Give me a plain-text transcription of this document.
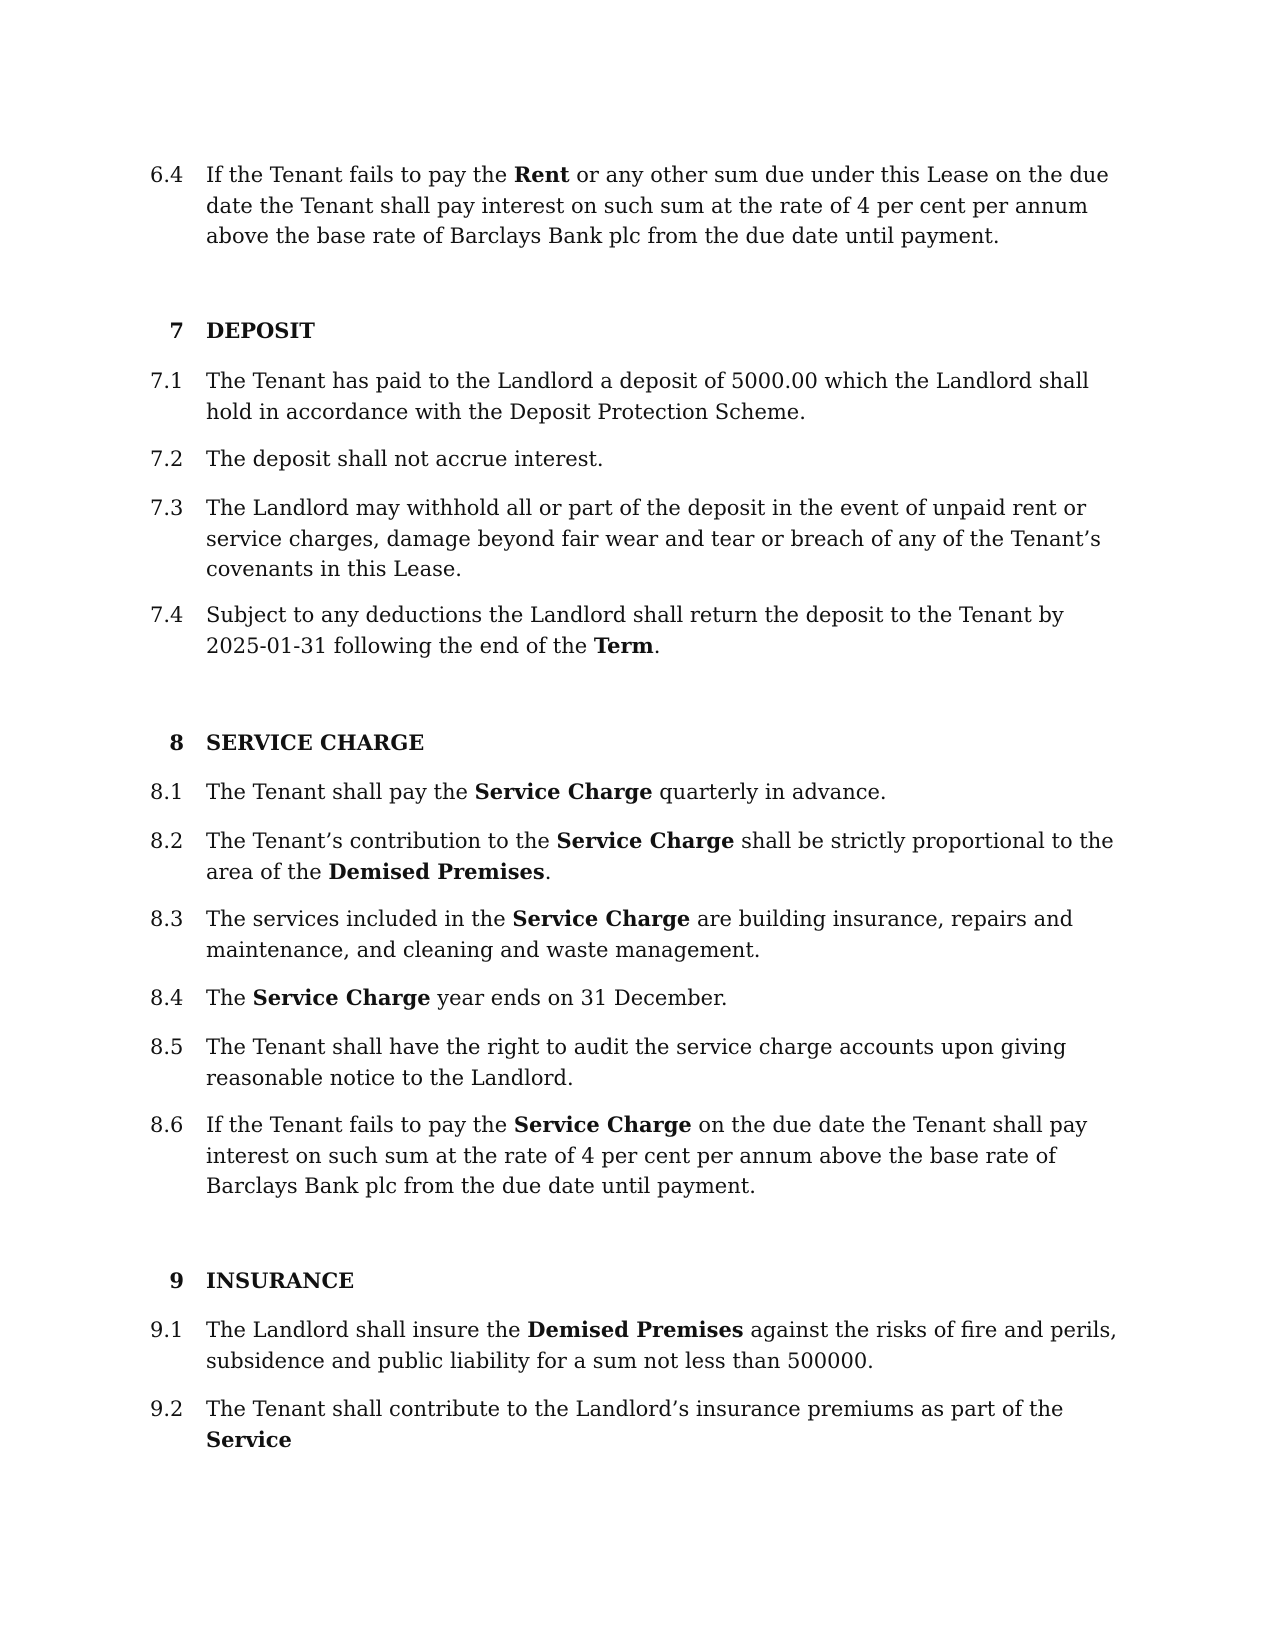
6.4	If the Tenant fails to pay the Rent or any other sum due under this Lease on the due date the Tenant shall pay interest on such sum at the rate of 4 per cent per annum above the base rate of Barclays Bank plc from the due date until payment.
7 DEPOSIT
7.1	The Tenant has paid to the Landlord a deposit of 5000.00 which the Landlord shall hold in accordance with the Deposit Protection Scheme.
7.2	The deposit shall not accrue interest.
7.3	The Landlord may withhold all or part of the deposit in the event of unpaid rent or service charges, damage beyond fair wear and tear or breach of any of the Tenant’s covenants in this Lease.
7.4	Subject to any deductions the Landlord shall return the deposit to the Tenant by 2025-01-31 following the end of the Term.
8 SERVICE CHARGE
8.1	The Tenant shall pay the Service Charge quarterly in advance.
8.2	The Tenant’s contribution to the Service Charge shall be strictly proportional to the area of the Demised Premises.
8.3	The services included in the Service Charge are building insurance, repairs and maintenance, and cleaning and waste management.
8.4	The Service Charge year ends on 31 December.
8.5	The Tenant shall have the right to audit the service charge accounts upon giving reasonable notice to the Landlord.
8.6	If the Tenant fails to pay the Service Charge on the due date the Tenant shall pay interest on such sum at the rate of 4 per cent per annum above the base rate of Barclays Bank plc from the due date until payment.
9 INSURANCE
9.1	The Landlord shall insure the Demised Premises against the risks of fire and perils, subsidence and public liability for a sum not less than 500000.
9.2	The Tenant shall contribute to the Landlord’s insurance premiums as part of the Service
